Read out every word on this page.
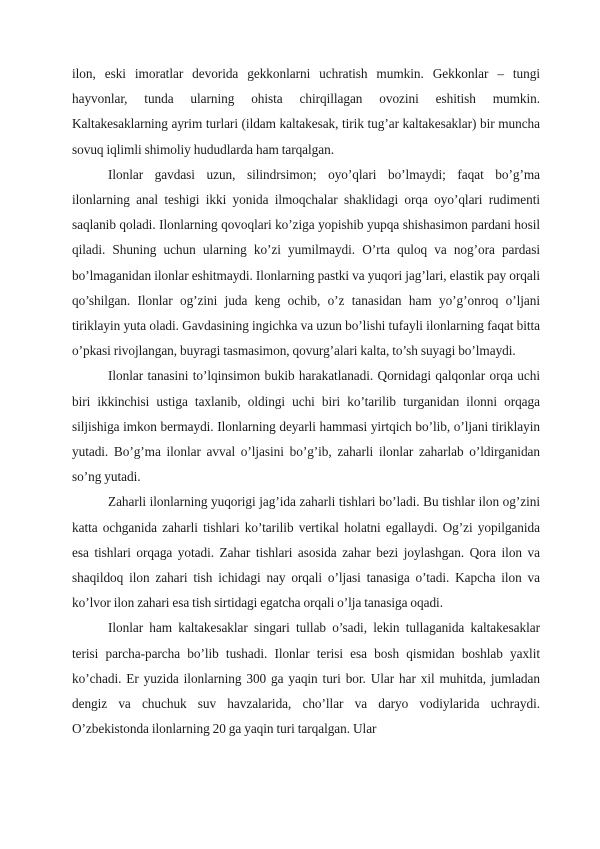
ilon, eski imoratlar devorida gekkonlarni uchratish mumkin. Gekkonlar – tungi hayvonlar, tunda ularning ohista chirqillagan ovozini eshitish mumkin. Kaltakesaklarning ayrim turlari (ildam kaltakesak, tirik tug’ar kaltakesaklar) bir muncha sovuq iqlimli shimoliy hududlarda ham tarqalgan.

Ilonlar gavdasi uzun, silindrsimon; oyo’qlari bo’lmaydi; faqat bo’g’ma ilonlarning anal teshigi ikki yonida ilmoqchalar shaklidagi orqa oyo’qlari rudimenti saqlanib qoladi. Ilonlarning qovoqlari ko’ziga yopishib yupqa shishasimon pardani hosil qiladi. Shuning uchun ularning ko’zi yumilmaydi. O’rta quloq va nog’ora pardasi bo’lmaganidan ilonlar eshitmaydi. Ilonlarning pastki va yuqori jag’lari, elastik pay orqali qo’shilgan. Ilonlar og’zini juda keng ochib, o’z tanasidan ham yo’g’onroq o’ljani tiriklayin yuta oladi. Gavdasining ingichka va uzun bo’lishi tufayli ilonlarning faqat bitta o’pkasi rivojlangan, buyragi tasmasimon, qovurg’alari kalta, to’sh suyagi bo’lmaydi.

Ilonlar tanasini to’lqinsimon bukib harakatlanadi. Qornidagi qalqonlar orqa uchi biri ikkinchisi ustiga taxlanib, oldingi uchi biri ko’tarilib turganidan ilonni orqaga siljishiga imkon bermaydi. Ilonlarning deyarli hammasi yirtqich bo’lib, o’ljani tiriklayin yutadi. Bo’g’ma ilonlar avval o’ljasini bo’g’ib, zaharli ilonlar zaharlab o’ldirganidan so’ng yutadi.

Zaharli ilonlarning yuqorigi jag’ida zaharli tishlari bo’ladi. Bu tishlar ilon og’zini katta ochganida zaharli tishlari ko’tarilib vertikal holatni egallaydi. Og’zi yopilganida esa tishlari orqaga yotadi. Zahar tishlari asosida zahar bezi joylashgan. Qora ilon va shaqildoq ilon zahari tish ichidagi nay orqali o’ljasi tanasiga o’tadi. Kapcha ilon va ko’lvor ilon zahari esa tish sirtidagi egatcha orqali o’lja tanasiga oqadi.

Ilonlar ham kaltakesaklar singari tullab o’sadi, lekin tullaganida kaltakesaklar terisi parcha-parcha bo’lib tushadi. Ilonlar terisi esa bosh qismidan boshlab yaxlit ko’chadi. Er yuzida ilonlarning 300 ga yaqin turi bor. Ular har xil muhitda, jumladan dengiz va chuchuk suv havzalarida, cho’llar va daryo vodiylarida uchraydi. O’zbekistonda ilonlarning 20 ga yaqin turi tarqalgan. Ular
